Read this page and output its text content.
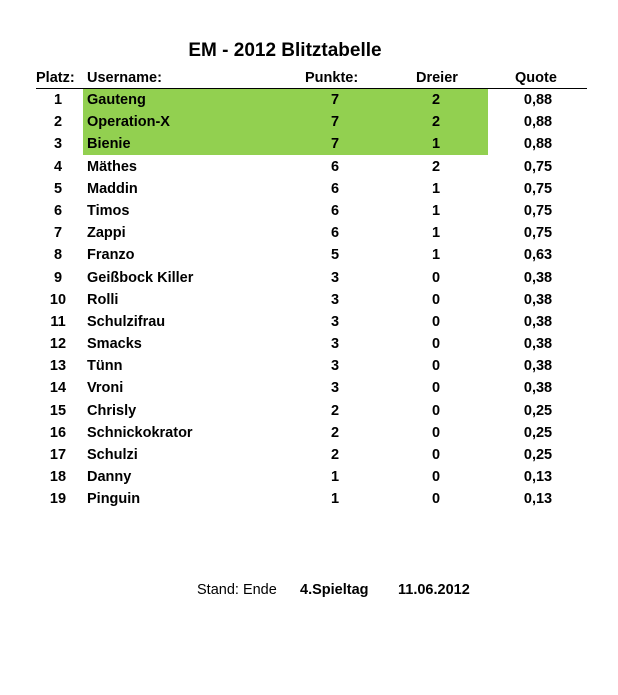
EM - 2012 Blitztabelle
Platz: Username:	Punkte:	Dreier	Quote
1	Gauteng	7	2	0,88
2	Operation-X	7	2	0,88
3	Bienie	7	1	0,88
4	Mäthes	6	2	0,75
5	Maddin	6	1	0,75
6	Timos	6	1	0,75
7	Zappi	6	1	0,75
8	Franzo	5	1	0,63
9	Geißbock Killer	3	0	0,38
10	Rolli	3	0	0,38
11	Schulzifrau	3	0	0,38
12	Smacks	3	0	0,38
13	Tünn	3	0	0,38
14	Vroni	3	0	0,38
15	Chrisly	2	0	0,25
16	Schnickokrator	2	0	0,25
17	Schulzi	2	0	0,25
18	Danny	1	0	0,13
19	Pinguin	1	0	0,13
Stand: Ende 4.Spieltag 11.06.2012
